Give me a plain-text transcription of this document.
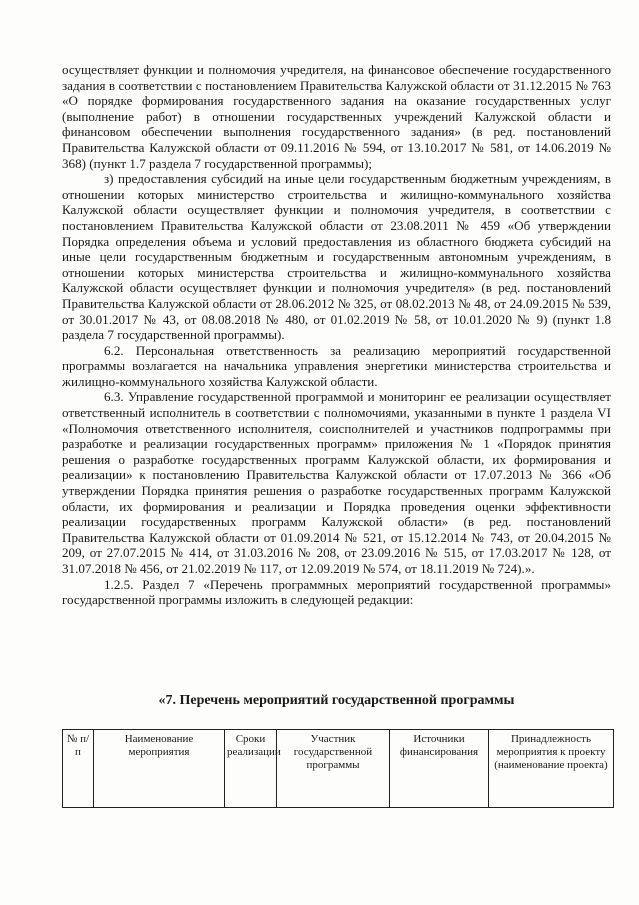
осуществляет функции и полномочия учредителя, на финансовое обеспечение государственного задания в соответствии с постановлением Правительства Калужской области от 31.12.2015 № 763 «О порядке формирования государственного задания на оказание государственных услуг (выполнение работ) в отношении государственных учреждений Калужской области и финансовом обеспечении выполнения государственного задания» (в ред. постановлений Правительства Калужской области от 09.11.2016 № 594, от 13.10.2017 № 581, от 14.06.2019 № 368) (пункт 1.7 раздела 7 государственной программы);

з) предоставления субсидий на иные цели государственным бюджетным учреждениям, в отношении которых министерство строительства и жилищно-коммунального хозяйства Калужской области осуществляет функции и полномочия учредителя, в соответствии с постановлением Правительства Калужской области от 23.08.2011 № 459 «Об утверждении Порядка определения объема и условий предоставления из областного бюджета субсидий на иные цели государственным бюджетным и государственным автономным учреждениям, в отношении которых министерства строительства и жилищно-коммунального хозяйства Калужской области осуществляет функции и полномочия учредителя» (в ред. постановлений Правительства Калужской области от 28.06.2012 № 325, от 08.02.2013 № 48, от 24.09.2015 № 539, от 30.01.2017 № 43, от 08.08.2018 № 480, от 01.02.2019 № 58, от 10.01.2020 № 9) (пункт 1.8 раздела 7 государственной программы).

6.2. Персональная ответственность за реализацию мероприятий государственной программы возлагается на начальника управления энергетики министерства строительства и жилищно-коммунального хозяйства Калужской области.

6.3. Управление государственной программой и мониторинг ее реализации осуществляет ответственный исполнитель в соответствии с полномочиями, указанными в пункте 1 раздела VI «Полномочия ответственного исполнителя, соисполнителей и участников подпрограммы при разработке и реализации государственных программ» приложения № 1 «Порядок принятия решения о разработке государственных программ Калужской области, их формирования и реализации» к постановлению Правительства Калужской области от 17.07.2013 № 366 «Об утверждении Порядка принятия решения о разработке государственных программ Калужской области, их формирования и реализации и Порядка проведения оценки эффективности реализации государственных программ Калужской области» (в ред. постановлений Правительства Калужской области от 01.09.2014 № 521, от 15.12.2014 № 743, от 20.04.2015 № 209, от 27.07.2015 № 414, от 31.03.2016 № 208, от 23.09.2016 № 515, от 17.03.2017 № 128, от 31.07.2018 № 456, от 21.02.2019 № 117, от 12.09.2019 № 574, от 18.11.2019 № 724).».

1.2.5. Раздел 7 «Перечень программных мероприятий государственной программы» государственной программы изложить в следующей редакции:

«7. Перечень мероприятий государственной программы
№ п/п	Наименование мероприятия	Сроки реализации	Участник государственной программы	Источники финансирования	Принадлежность мероприятия к проекту (наименование проекта)
